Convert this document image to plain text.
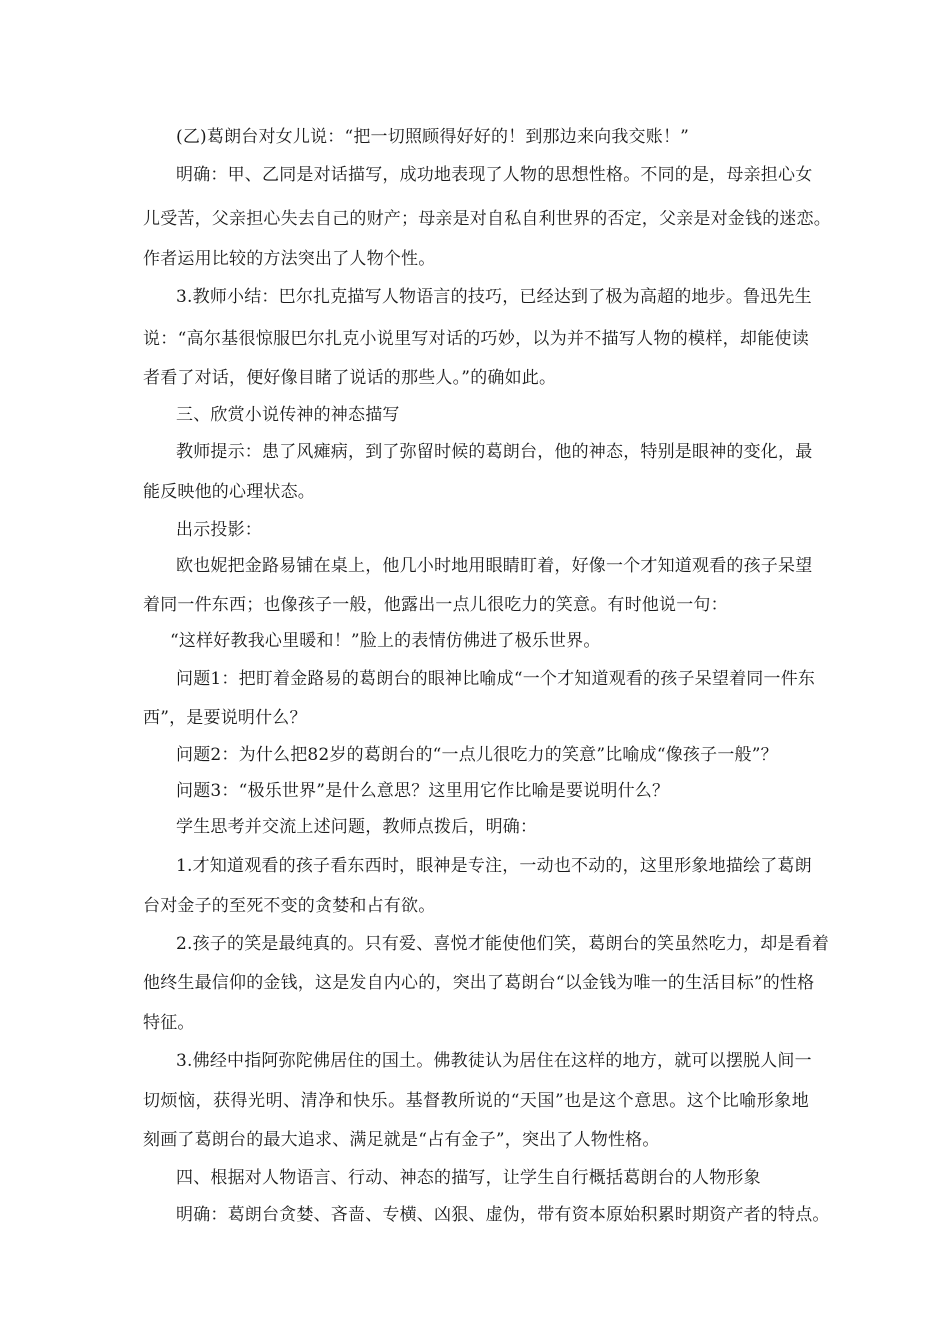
(乙)葛朗台对女儿说：“把一切照顾得好好的！到那边来向我交账！”
明确：甲、乙同是对话描写，成功地表现了人物的思想性格。不同的是，母亲担心女
儿受苦，父亲担心失去自己的财产；母亲是对自私自利世界的否定，父亲是对金钱的迷恋。
作者运用比较的方法突出了人物个性。
3.教师小结：巴尔扎克描写人物语言的技巧，已经达到了极为高超的地步。鲁迅先生
说：“高尔基很惊服巴尔扎克小说里写对话的巧妙，以为并不描写人物的模样，却能使读
者看了对话，便好像目睹了说话的那些人。”的确如此。
三、欣赏小说传神的神态描写
教师提示：患了风瘫病，到了弥留时候的葛朗台，他的神态，特别是眼神的变化，最
能反映他的心理状态。
出示投影：
欧也妮把金路易铺在桌上，他几小时地用眼睛盯着，好像一个才知道观看的孩子呆望
着同一件东西；也像孩子一般，他露出一点儿很吃力的笑意。有时他说一句：
“这样好教我心里暖和！”脸上的表情仿佛进了极乐世界。
问题1：把盯着金路易的葛朗台的眼神比喻成“一个才知道观看的孩子呆望着同一件东
西”，是要说明什么？
问题2：为什么把82岁的葛朗台的“一点儿很吃力的笑意”比喻成“像孩子一般”？
问题3：“极乐世界”是什么意思？这里用它作比喻是要说明什么？
学生思考并交流上述问题，教师点拨后，明确：
1.才知道观看的孩子看东西时，眼神是专注，一动也不动的，这里形象地描绘了葛朗
台对金子的至死不变的贪婪和占有欲。
2.孩子的笑是最纯真的。只有爱、喜悦才能使他们笑，葛朗台的笑虽然吃力，却是看着
他终生最信仰的金钱，这是发自内心的，突出了葛朗台“以金钱为唯一的生活目标”的性格
特征。
3.佛经中指阿弥陀佛居住的国土。佛教徒认为居住在这样的地方，就可以摆脱人间一
切烦恼，获得光明、清净和快乐。基督教所说的“天国”也是这个意思。这个比喻形象地
刻画了葛朗台的最大追求、满足就是“占有金子”，突出了人物性格。
四、根据对人物语言、行动、神态的描写，让学生自行概括葛朗台的人物形象
明确：葛朗台贪婪、吝啬、专横、凶狠、虚伪，带有资本原始积累时期资产者的特点。
